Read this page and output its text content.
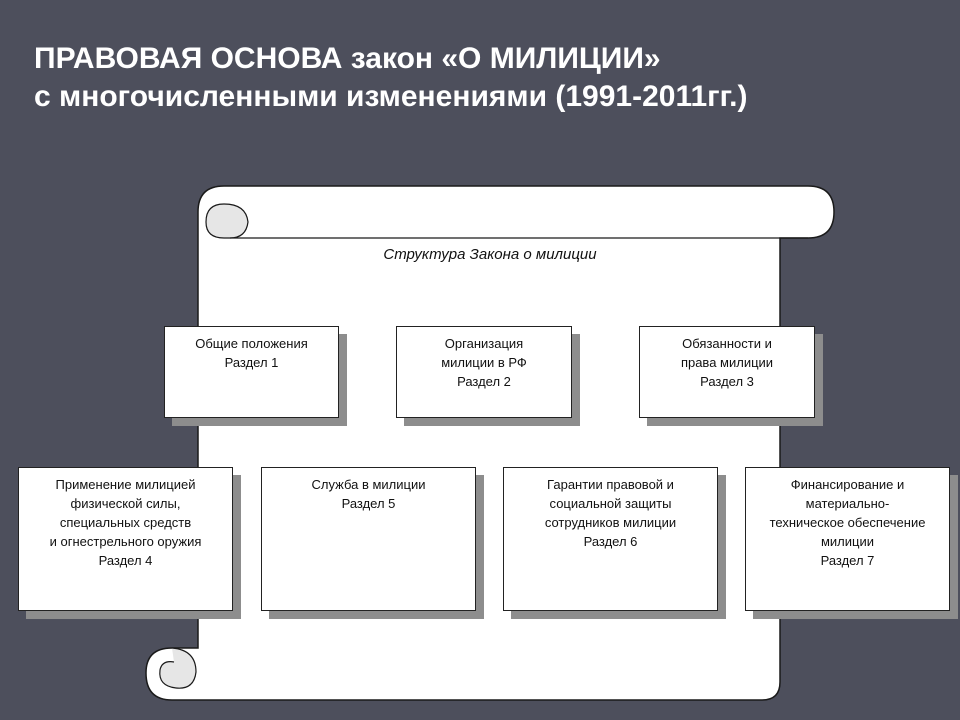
ПРАВОВАЯ ОСНОВА закон «О МИЛИЦИИ»
с многочисленными изменениями (1991-2011гг.)
Структура Закона о милиции
Общие положения
Раздел 1
Организация
милиции в РФ
Раздел 2
Обязанности и
права милиции
Раздел 3
Применение милицией
физической силы,
специальных средств
и огнестрельного оружия
Раздел 4
Служба в милиции
Раздел 5
Гарантии правовой и
социальной защиты
сотрудников милиции
Раздел 6
Финансирование и
материально-
техническое обеспечение
милиции
Раздел 7
